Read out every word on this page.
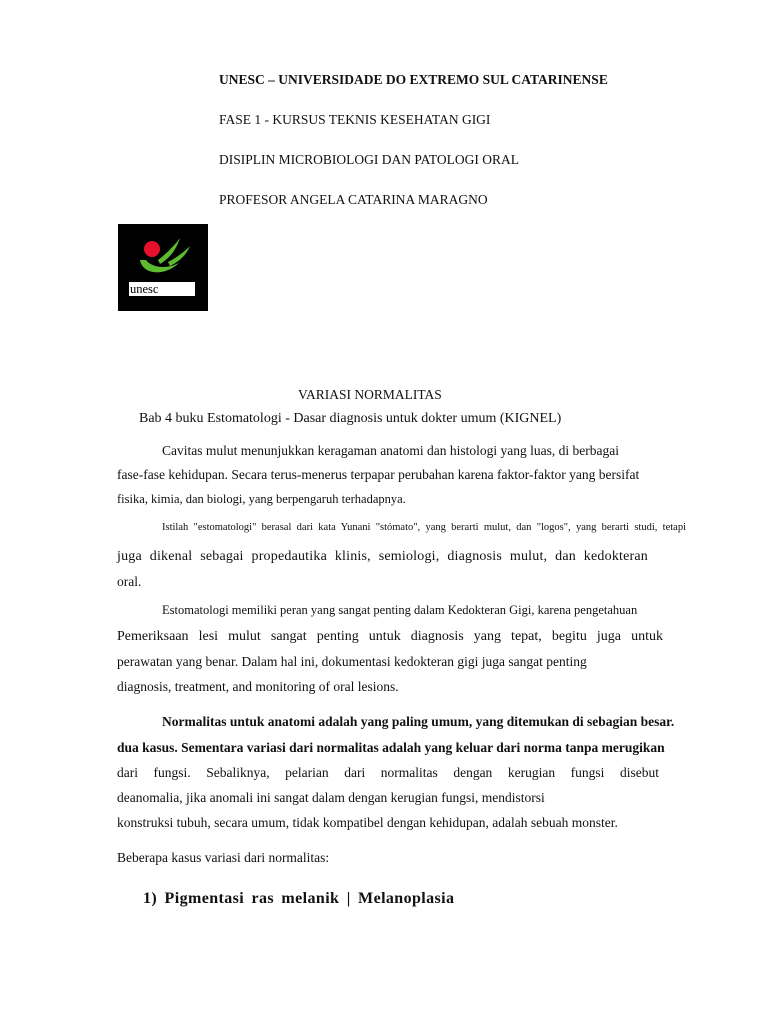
UNESC – UNIVERSIDADE DO EXTREMO SUL CATARINENSE
FASE 1 - KURSUS TEKNIS KESEHATAN GIGI
DISIPLIN MICROBIOLOGI DAN PATOLOGI ORAL
PROFESOR ANGELA CATARINA MARAGNO
unesc
VARIASI NORMALITAS
Bab 4 buku Estomatologi - Dasar diagnosis untuk dokter umum (KIGNEL)
Cavitas mulut menunjukkan keragaman anatomi dan histologi yang luas, di berbagai
fase-fase kehidupan. Secara terus-menerus terpapar perubahan karena faktor-faktor yang bersifat
fisika, kimia, dan biologi, yang berpengaruh terhadapnya.
Istilah "estomatologi" berasal dari kata Yunani "stómato", yang berarti mulut, dan "logos", yang berarti studi, tetapi
juga dikenal sebagai propedautika klinis, semiologi, diagnosis mulut, dan kedokteran
oral.
Estomatologi memiliki peran yang sangat penting dalam Kedokteran Gigi, karena pengetahuan
Pemeriksaan lesi mulut sangat penting untuk diagnosis yang tepat, begitu juga untuk
perawatan yang benar. Dalam hal ini, dokumentasi kedokteran gigi juga sangat penting
diagnosis, treatment, and monitoring of oral lesions.
Normalitas untuk anatomi adalah yang paling umum, yang ditemukan di sebagian besar.
dua kasus. Sementara variasi dari normalitas adalah yang keluar dari norma tanpa merugikan
dari fungsi. Sebaliknya, pelarian dari normalitas dengan kerugian fungsi disebut
deanomalia, jika anomali ini sangat dalam dengan kerugian fungsi, mendistorsi
konstruksi tubuh, secara umum, tidak kompatibel dengan kehidupan, adalah sebuah monster.
Beberapa kasus variasi dari normalitas:
1) Pigmentasi ras melanik | Melanoplasia
